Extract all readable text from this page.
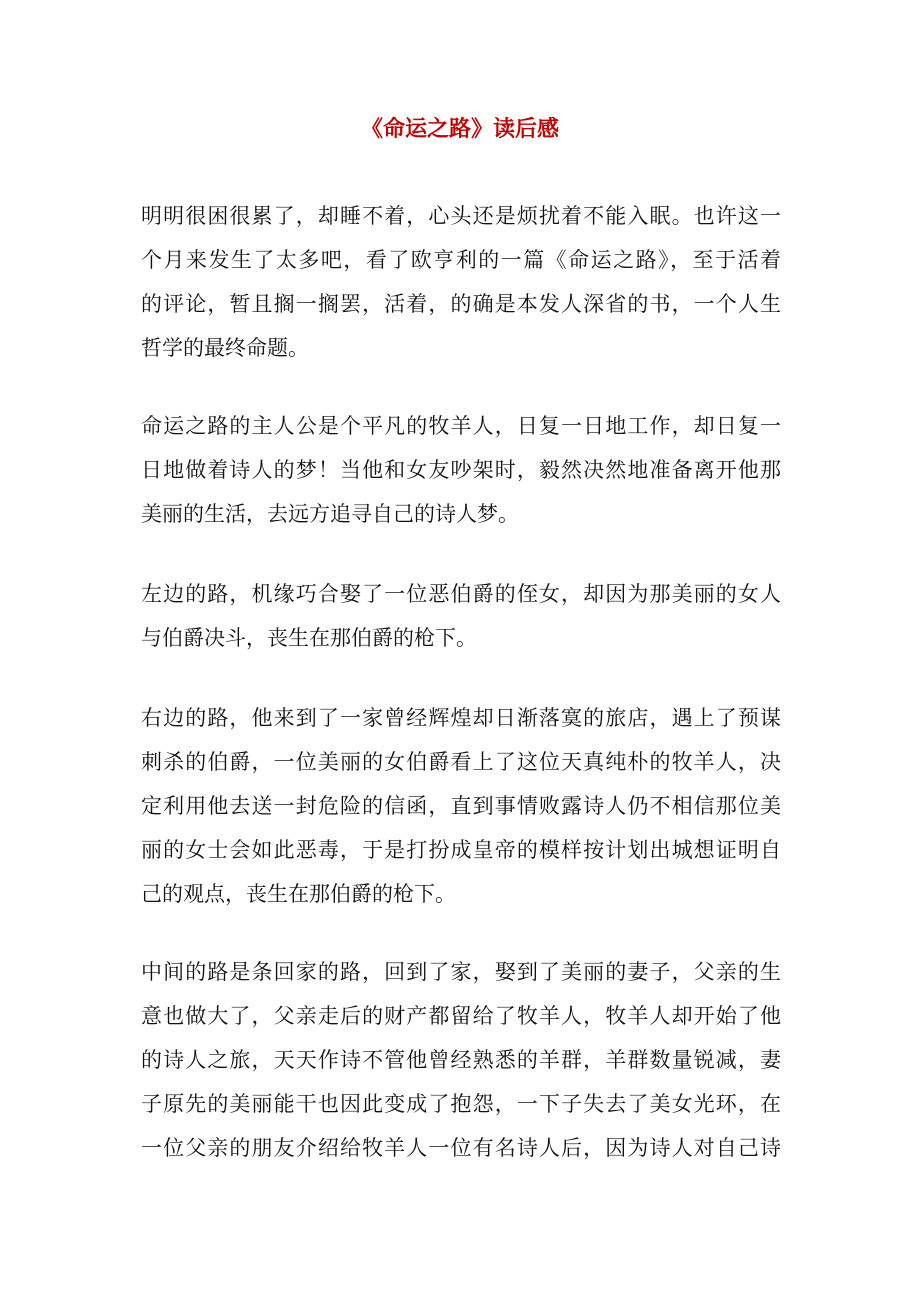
《命运之路》读后感
明明很困很累了，却睡不着，心头还是烦扰着不能入眠。也许这一
个月来发生了太多吧，看了欧亨利的一篇《命运之路》，至于活着
的评论，暂且搁一搁罢，活着，的确是本发人深省的书，一个人生
哲学的最终命题。
命运之路的主人公是个平凡的牧羊人，日复一日地工作，却日复一
日地做着诗人的梦！当他和女友吵架时，毅然决然地准备离开他那
美丽的生活，去远方追寻自己的诗人梦。
左边的路，机缘巧合娶了一位恶伯爵的侄女，却因为那美丽的女人
与伯爵决斗，丧生在那伯爵的枪下。
右边的路，他来到了一家曾经辉煌却日渐落寞的旅店，遇上了预谋
刺杀的伯爵，一位美丽的女伯爵看上了这位天真纯朴的牧羊人，决
定利用他去送一封危险的信函，直到事情败露诗人仍不相信那位美
丽的女士会如此恶毒，于是打扮成皇帝的模样按计划出城想证明自
己的观点，丧生在那伯爵的枪下。
中间的路是条回家的路，回到了家，娶到了美丽的妻子，父亲的生
意也做大了，父亲走后的财产都留给了牧羊人，牧羊人却开始了他
的诗人之旅，天天作诗不管他曾经熟悉的羊群，羊群数量锐减，妻
子原先的美丽能干也因此变成了抱怨，一下子失去了美女光环，在
一位父亲的朋友介绍给牧羊人一位有名诗人后，因为诗人对自己诗
